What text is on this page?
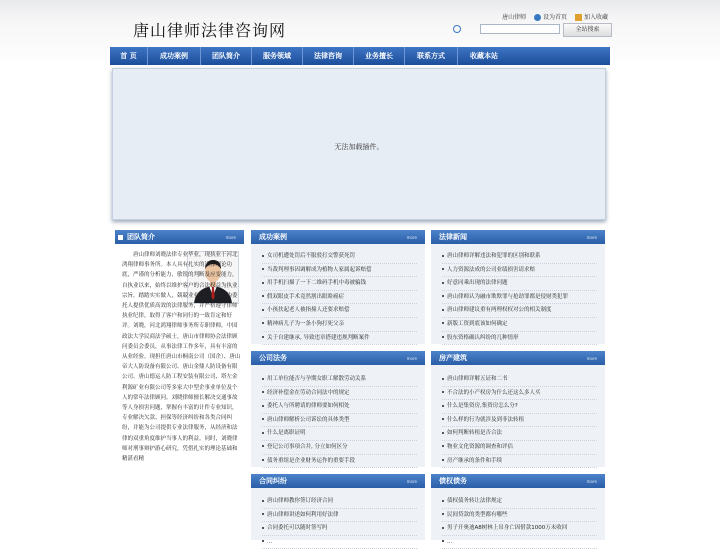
唐山律师法律咨询网
唐山律师	设为首页	加入收藏
全站搜索
首 页	成功案例	团队简介	服务领域	法律咨询	业务擅长	联系方式	收藏本站
无法加载插件。
团队简介	more
唐山律师刘晓法律专业毕业，现执业于河北鸿翔律师事务所。本人具有扎实的法律理论功底，严谨的分析能力，敏锐的判断及应变能力，自执业以来，始终以维护客户的合法权益为执业宗旨，踏踏实实做人，兢兢业业办事。坚持为委托人提供优质高效的法律服务，并严格遵守律师执业纪律，取得了客户和同行的一致肯定和好评。刘晓，河北鸿翔律师事务所专职律师，中国政法大学民商法学硕士，唐山市律师协会法律顾问委员会委员，从事法律工作多年，具有丰富的从业经验。现担任唐山市桐南公司（国企）、唐山帝大人防设备有限公司、唐山金鼎人防设备有限公司、唐山德运人防工程安装有限公司、塔左金利源矿业有限公司等多家大中型企事业单位及个人的常年法律顾问。刘晓律师擅长解决交通事故等人身损害问题，掌握有丰富的计件专业知识，专业解决欠款、担保等经济纠纷和各类合同纠纷，并能为公司提供专业法律服务，从经济和法律的双重角度维护当事人的利益。同时，刘晓律师对刑事辩护游心研究，凭借扎实的理论基础和精湛看精
成功案例	more
女司机遭处罚后不服驳打交警获死罚
当裁判理事因调解成为植物人家属起诉赔偿
用手机扫描了一下二维码手机中毒被骗钱
假双眼皮手术竟然割出眼睑癌症
小孩扶起老人被指撞人还要求赔偿
精神病儿子为一条小狗打死父亲
关于自建继承, 导致违章搭建违规判断案件
法律新闻	more
唐山律师详解违法和犯罪的区别和联系
人力资源法成的公司业绩损害请求赔
好意同乘出现的法律问题
唐山律师认为融市欺欺罪与抢劫罪都是侵财类犯罪
唐山律师建议重有两理权权对公的相关制度
新版工资到底该如何确定
股东资格确认纠纷的几种情形
公司法务	more
用工单位能否与孕期女职工解散劳动关系
经济补偿金在劳动合同法中的规定
委托人与所聘请的律师要如何相处
唐山律师解析公司诉讼的具体类型
什么是离职证明
登记公司事项合并, 分立如何区分
债务重组是企业财务运作的重要手段
房产建筑	more
唐山律师详解五证和二书
不合法的小产权房为什么还这么多人买
什么是集资房,集资房怎么分?
什么样的行为就涉及到非法转租
如何判断转租是否合法
物业文化资源的调查和评估
房产继承的条件和手续
合同纠纷	more
唐山律师教你签订经济合同
唐山律师讲述如何利用好法律
合同委托可以随时签写吗
...
债权债务	more
债权债务转让法律规定
民间贷款的类型都有哪些
男子开奥迪A8树林上吊身亡因借款1000万未收回
...
